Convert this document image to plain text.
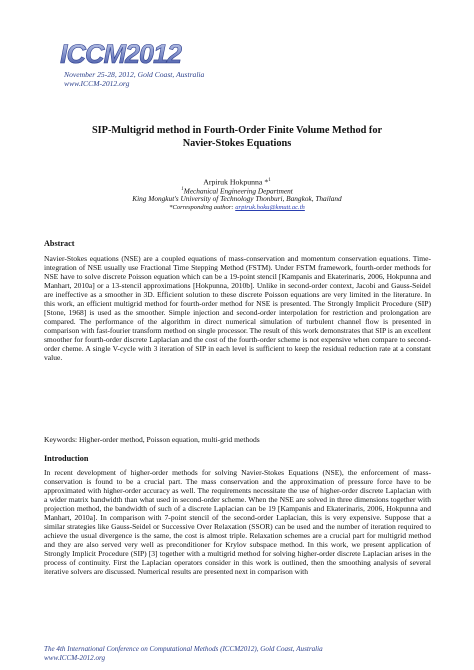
ICCM2012
November 25-28, 2012, Gold Coast, Australia
www.ICCM-2012.org
SIP-Multigrid method in Fourth-Order Finite Volume Method for
Navier-Stokes Equations
Arpiruk Hokpunna *$^1$
$^1$Mechanical Engineering Department
King Mongkut's University of Technology Thonburi, Bangkok, Thailand
*Corresponding author: arpiruk.hoku@kmutt.ac.th
Abstract

Navier-Stokes equations (NSE) are a coupled equations of mass-conservation and momentum conservation equations. Time-integration of NSE usually use Fractional Time Stepping Method (FSTM). Under FSTM framework, fourth-order methods for NSE have to solve discrete Poisson equation which can be a 19-point stencil [Kampanis and Ekaterinaris, 2006, Hokpunna and Manhart, 2010a] or a 13-stencil approximations [Hokpunna, 2010b]. Unlike in second-order context, Jacobi and Gauss-Seidel are ineffective as a smoother in 3D. Efficient solution to these discrete Poisson equations are very limited in the literature. In this work, an efficient multigrid method for fourth-order method for NSE is presented. The Strongly Implicit Procedure (SIP) [Stone, 1968] is used as the smoother. Simple injection and second-order interpolation for restriction and prolongation are compared. The performance of the algorithm in direct numerical simulation of turbulent channel flow is presented in comparison with fast-fourier transform method on single processor. The result of this work demonstrates that SIP is an excellent smoother for fourth-order discrete Laplacian and the cost of the fourth-order scheme is not expensive when compare to second-order cheme. A single V-cycle with 3 iteration of SIP in each level is sufficient to keep the residual reduction rate at a constant value.

Keywords: Higher-order method, Poisson equation, multi-grid methods
Introduction

In recent development of higher-order methods for solving Navier-Stokes Equations (NSE), the enforcement of mass-conservation is found to be a crucial part. The mass conservation and the approximation of pressure force have to be approximated with higher-order accuracy as well. The requirements necessitate the use of higher-order discrete Laplacian with a wider matrix bandwidth than what used in second-order scheme. When the NSE are solved in three dimensions together with projection method, the bandwidth of such of a discrete Laplacian can be 19 [Kampanis and Ekaterinaris, 2006, Hokpunna and Manhart, 2010a]. In comparison with 7-point stencil of the second-order Laplacian, this is very expensive. Suppose that a similar strategies like Gauss-Seidel or Successive Over Relaxation (SSOR) can be used and the number of iteration required to achieve the usual divergence is the same, the cost is almost triple. Relaxation schemes are a crucial part for multigrid method and they are also served very well as preconditioner for Krylov subspace method. In this work, we present application of Strongly Implicit Procedure (SIP) [3] together with a multigrid method for solving higher-order discrete Laplacian arises in the process of continuity. First the Laplacian operators consider in this work is outlined, then the smoothing analysis of several iterative solvers are discussed. Numerical results are presented next in comparison with

The 4th International Conference on Computational Methods (ICCM2012), Gold Coast, Australia
www.ICCM-2012.org
